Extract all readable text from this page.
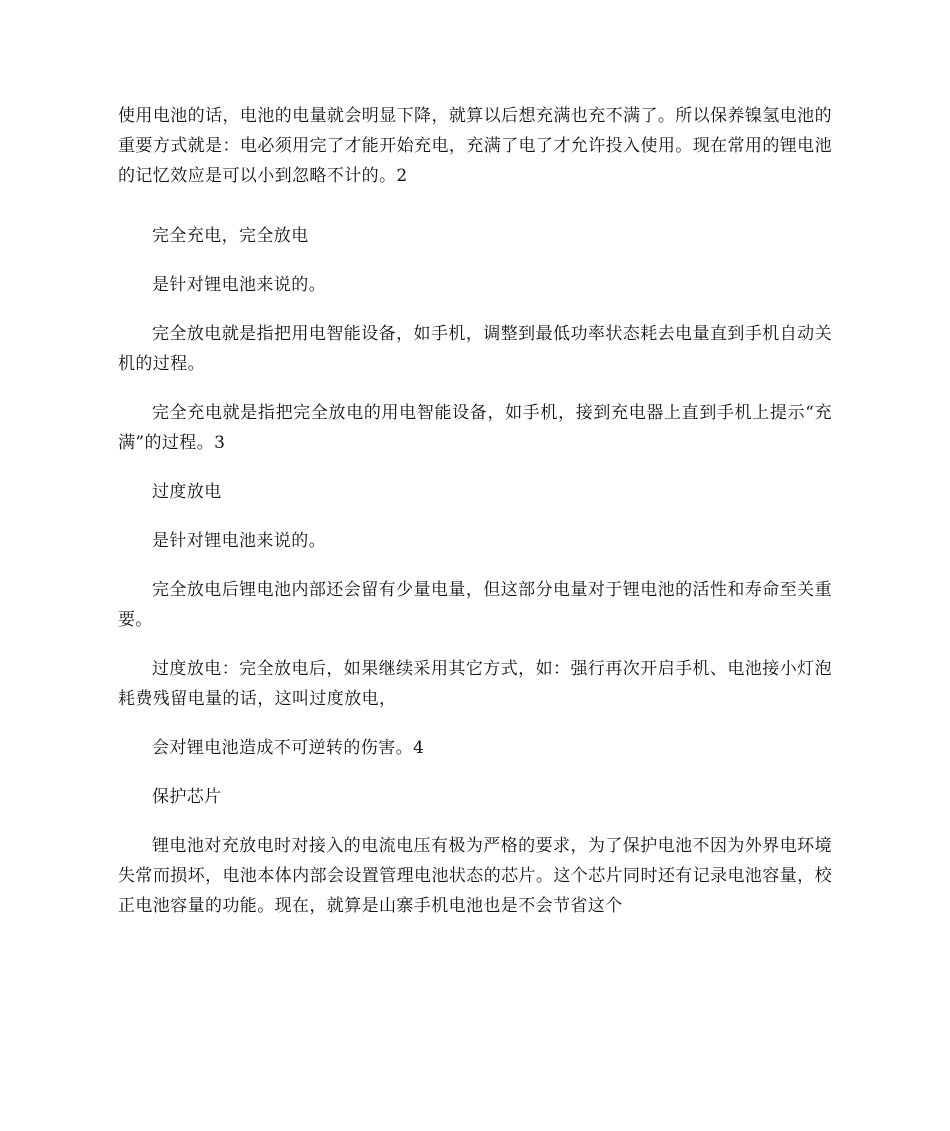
使用电池的话，电池的电量就会明显下降，就算以后想充满也充不满了。所以保养镍氢电池的重要方式就是：电必须用完了才能开始充电，充满了电了才允许投入使用。现在常用的锂电池的记忆效应是可以小到忽略不计的。2

完全充电，完全放电

是针对锂电池来说的。

完全放电就是指把用电智能设备，如手机，调整到最低功率状态耗去电量直到手机自动关机的过程。

完全充电就是指把完全放电的用电智能设备，如手机，接到充电器上直到手机上提示“充满”的过程。3

过度放电

是针对锂电池来说的。

完全放电后锂电池内部还会留有少量电量，但这部分电量对于锂电池的活性和寿命至关重要。

过度放电：完全放电后，如果继续采用其它方式，如：强行再次开启手机、电池接小灯泡耗费残留电量的话，这叫过度放电，

会对锂电池造成不可逆转的伤害。4

保护芯片

锂电池对充放电时对接入的电流电压有极为严格的要求，为了保护电池不因为外界电环境失常而损坏，电池本体内部会设置管理电池状态的芯片。这个芯片同时还有记录电池容量，校正电池容量的功能。现在，就算是山寨手机电池也是不会节省这个
